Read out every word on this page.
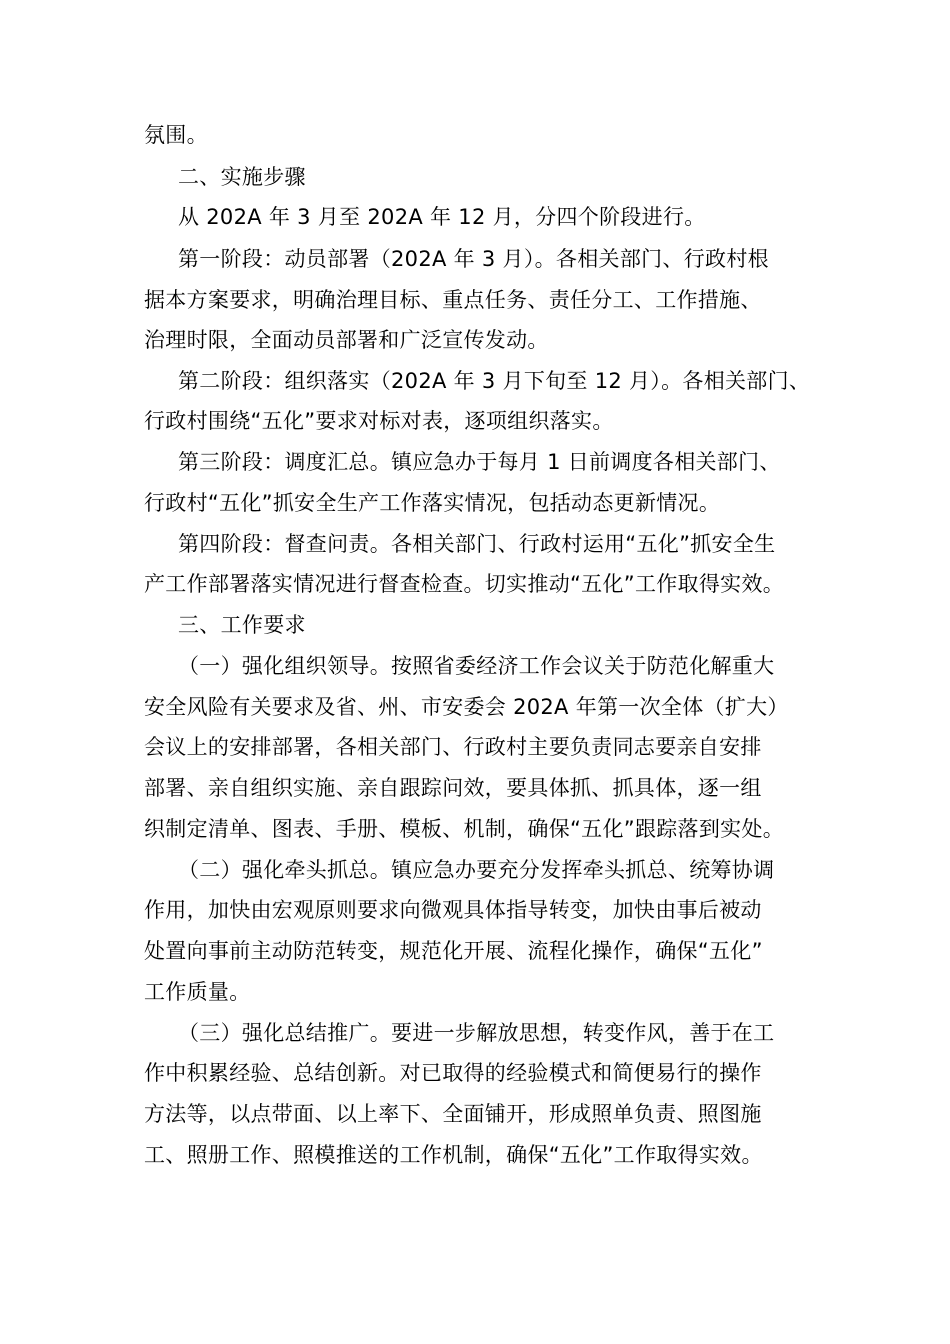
氛围。
二、实施步骤
从 202A 年 3 月至 202A 年 12 月，分四个阶段进行。
第一阶段：动员部署（202A 年 3 月）。各相关部门、行政村根
据本方案要求，明确治理目标、重点任务、责任分工、工作措施、
治理时限，全面动员部署和广泛宣传发动。
第二阶段：组织落实（202A 年 3 月下旬至 12 月）。各相关部门、
行政村围绕“五化”要求对标对表，逐项组织落实。
第三阶段：调度汇总。镇应急办于每月 1 日前调度各相关部门、
行政村“五化”抓安全生产工作落实情况，包括动态更新情况。
第四阶段：督查问责。各相关部门、行政村运用“五化”抓安全生
产工作部署落实情况进行督查检查。切实推动“五化”工作取得实效。
三、工作要求
（一）强化组织领导。按照省委经济工作会议关于防范化解重大
安全风险有关要求及省、州、市安委会 202A 年第一次全体（扩大）
会议上的安排部署，各相关部门、行政村主要负责同志要亲自安排
部署、亲自组织实施、亲自跟踪问效，要具体抓、抓具体，逐一组
织制定清单、图表、手册、模板、机制，确保“五化”跟踪落到实处。
（二）强化牵头抓总。镇应急办要充分发挥牵头抓总、统筹协调
作用，加快由宏观原则要求向微观具体指导转变，加快由事后被动
处置向事前主动防范转变，规范化开展、流程化操作，确保“五化”
工作质量。
（三）强化总结推广。要进一步解放思想，转变作风，善于在工
作中积累经验、总结创新。对已取得的经验模式和简便易行的操作
方法等，以点带面、以上率下、全面铺开，形成照单负责、照图施
工、照册工作、照模推送的工作机制，确保“五化”工作取得实效。
